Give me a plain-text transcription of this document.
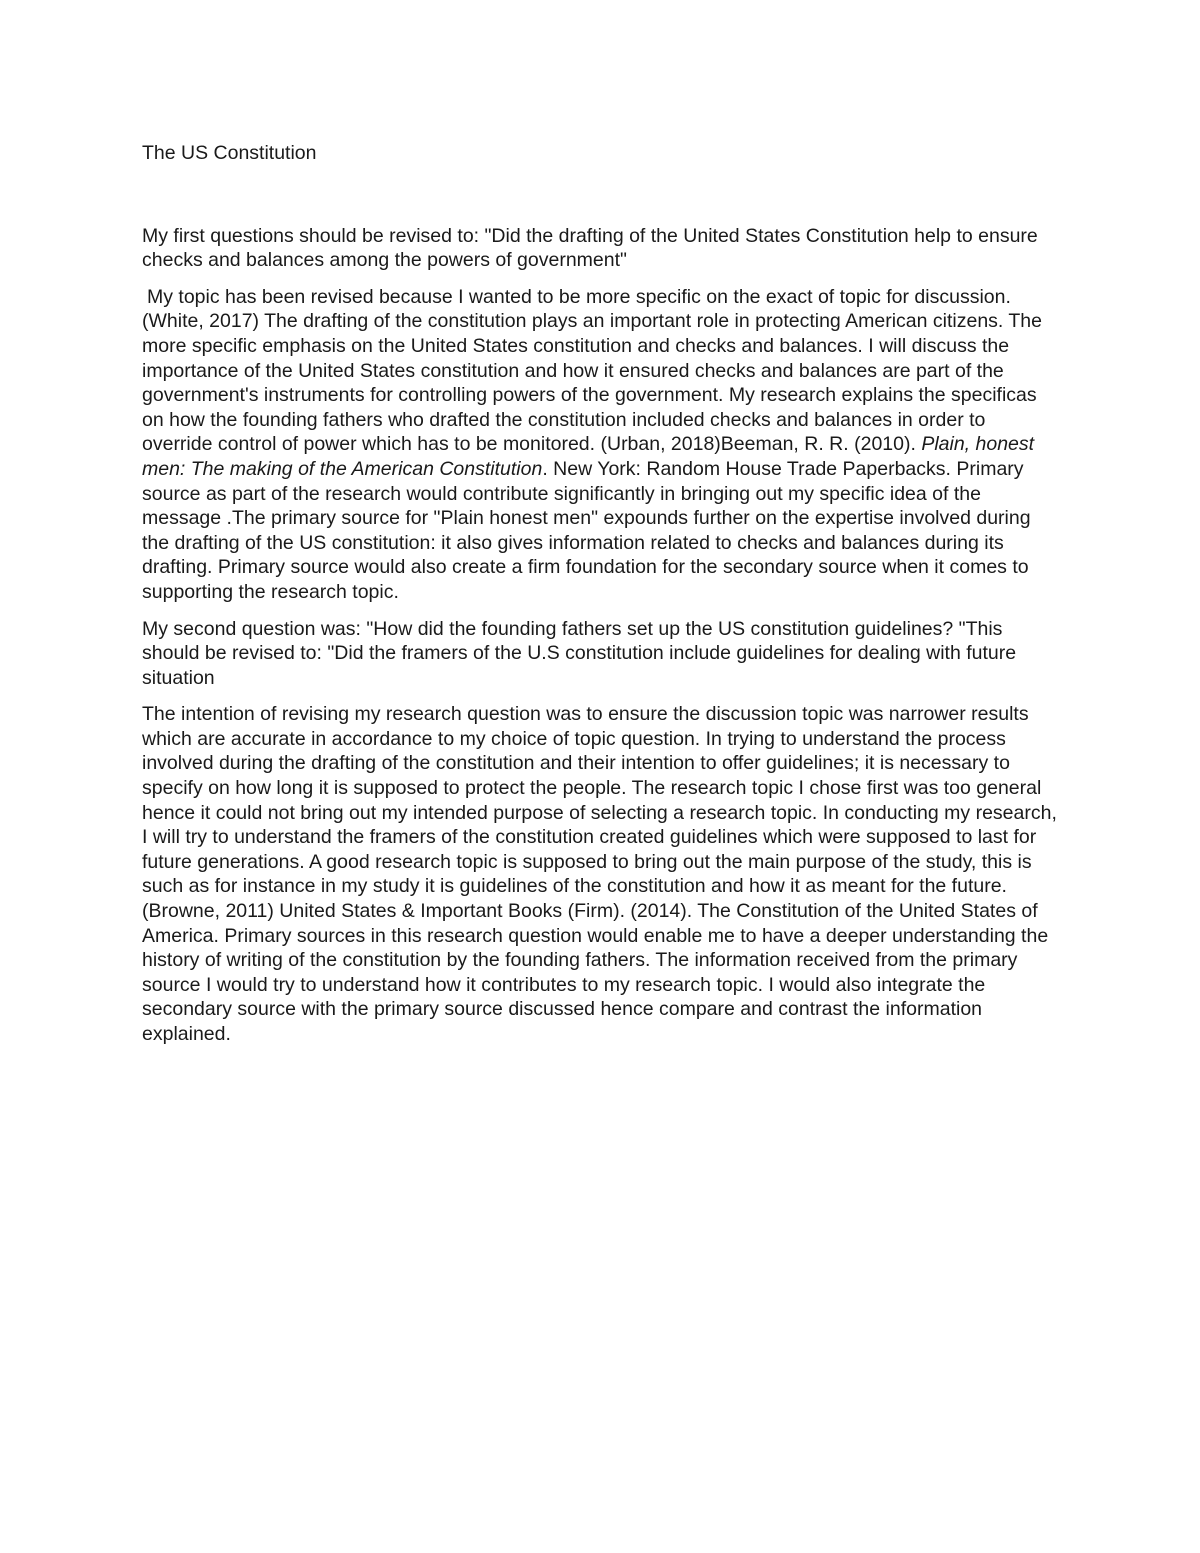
The US Constitution

My first questions should be revised to: "Did the drafting of the United States Constitution help to ensure checks and balances among the powers of government"

My topic has been revised because I wanted to be more specific on the exact of topic for discussion. (White, 2017) The drafting of the constitution plays an important role in protecting American citizens. The more specific emphasis on the United States constitution and checks and balances. I will discuss the importance of the United States constitution and how it ensured checks and balances are part of the government's instruments for controlling powers of the government. My research explains the specificas on how the founding fathers who drafted the constitution included checks and balances in order to override control of power which has to be monitored. (Urban, 2018)Beeman, R. R. (2010). Plain, honest men: The making of the American Constitution. New York: Random House Trade Paperbacks. Primary source as part of the research would contribute significantly in bringing out my specific idea of the message .The primary source for "Plain honest men" expounds further on the expertise involved during the drafting of the US constitution: it also gives information related to checks and balances during its drafting. Primary source would also create a firm foundation for the secondary source when it comes to supporting the research topic.

My second question was: "How did the founding fathers set up the US constitution guidelines? "This should be revised to: "Did the framers of the U.S constitution include guidelines for dealing with future situation

The intention of revising my research question was to ensure the discussion topic was narrower results which are accurate in accordance to my choice of topic question. In trying to understand the process involved during the drafting of the constitution and their intention to offer guidelines; it is necessary to specify on how long it is supposed to protect the people. The research topic I chose first was too general hence it could not bring out my intended purpose of selecting a research topic. In conducting my research, I will try to understand the framers of the constitution created guidelines which were supposed to last for future generations. A good research topic is supposed to bring out the main purpose of the study, this is such as for instance in my study it is guidelines of the constitution and how it as meant for the future. (Browne, 2011) United States & Important Books (Firm). (2014). The Constitution of the United States of America. Primary sources in this research question would enable me to have a deeper understanding the history of writing of the constitution by the founding fathers. The information received from the primary source I would try to understand how it contributes to my research topic. I would also integrate the secondary source with the primary source discussed hence compare and contrast the information explained.
